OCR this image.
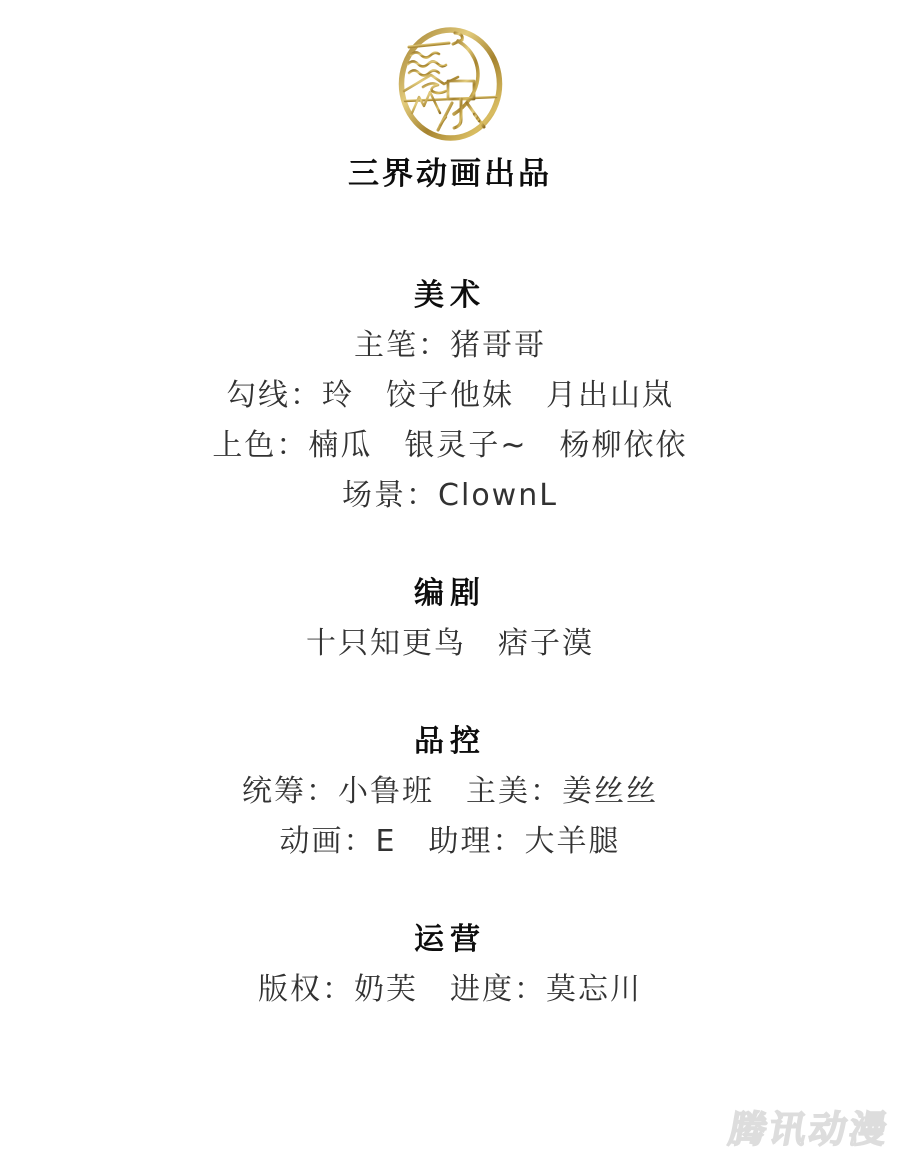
三界动画出品
美术
主笔：猪哥哥
勾线：玲　饺子他妹　月出山岚
上色：楠瓜　银灵子~　杨柳依依
场景：ClownL
编剧
十只知更鸟　痞子漠
品控
统筹：小鲁班　主美：姜丝丝
动画：E　助理：大羊腿
运营
版权：奶芙　进度：莫忘川
腾讯动漫
